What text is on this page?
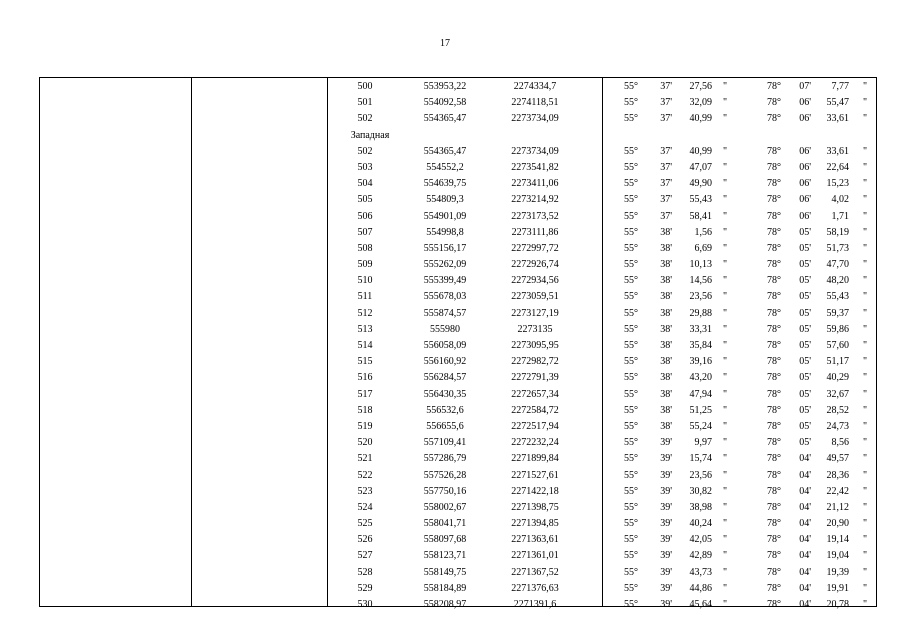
17
500	553953,22	2274334,7	55°	37'	27,56 "	78°	07'	7,77 "
501	554092,58	2274118,51	55°	37'	32,09 "	78°	06'	55,47 "
502	554365,47	2273734,09	55°	37'	40,99 "	78°	06'	33,61 "
Западная
502	554365,47	2273734,09	55°	37'	40,99 "	78°	06'	33,61 "
503	554552,2	2273541,82	55°	37'	47,07 "	78°	06'	22,64 "
504	554639,75	2273411,06	55°	37'	49,90 "	78°	06'	15,23 "
505	554809,3	2273214,92	55°	37'	55,43 "	78°	06'	4,02 "
506	554901,09	2273173,52	55°	37'	58,41 "	78°	06'	1,71 "
507	554998,8	2273111,86	55°	38'	1,56 "	78°	05'	58,19 "
508	555156,17	2272997,72	55°	38'	6,69 "	78°	05'	51,73 "
509	555262,09	2272926,74	55°	38'	10,13 "	78°	05'	47,70 "
510	555399,49	2272934,56	55°	38'	14,56 "	78°	05'	48,20 "
511	555678,03	2273059,51	55°	38'	23,56 "	78°	05'	55,43 "
512	555874,57	2273127,19	55°	38'	29,88 "	78°	05'	59,37 "
513	555980	2273135	55°	38'	33,31 "	78°	05'	59,86 "
514	556058,09	2273095,95	55°	38'	35,84 "	78°	05'	57,60 "
515	556160,92	2272982,72	55°	38'	39,16 "	78°	05'	51,17 "
516	556284,57	2272791,39	55°	38'	43,20 "	78°	05'	40,29 "
517	556430,35	2272657,34	55°	38'	47,94 "	78°	05'	32,67 "
518	556532,6	2272584,72	55°	38'	51,25 "	78°	05'	28,52 "
519	556655,6	2272517,94	55°	38'	55,24 "	78°	05'	24,73 "
520	557109,41	2272232,24	55°	39'	9,97 "	78°	05'	8,56 "
521	557286,79	2271899,84	55°	39'	15,74 "	78°	04'	49,57 "
522	557526,28	2271527,61	55°	39'	23,56 "	78°	04'	28,36 "
523	557750,16	2271422,18	55°	39'	30,82 "	78°	04'	22,42 "
524	558002,67	2271398,75	55°	39'	38,98 "	78°	04'	21,12 "
525	558041,71	2271394,85	55°	39'	40,24 "	78°	04'	20,90 "
526	558097,68	2271363,61	55°	39'	42,05 "	78°	04'	19,14 "
527	558123,71	2271361,01	55°	39'	42,89 "	78°	04'	19,04 "
528	558149,75	2271367,52	55°	39'	43,73 "	78°	04'	19,39 "
529	558184,89	2271376,63	55°	39'	44,86 "	78°	04'	19,91 "
530	558208,97	2271391,6	55°	39'	45,64 "	78°	04'	20,78 "
